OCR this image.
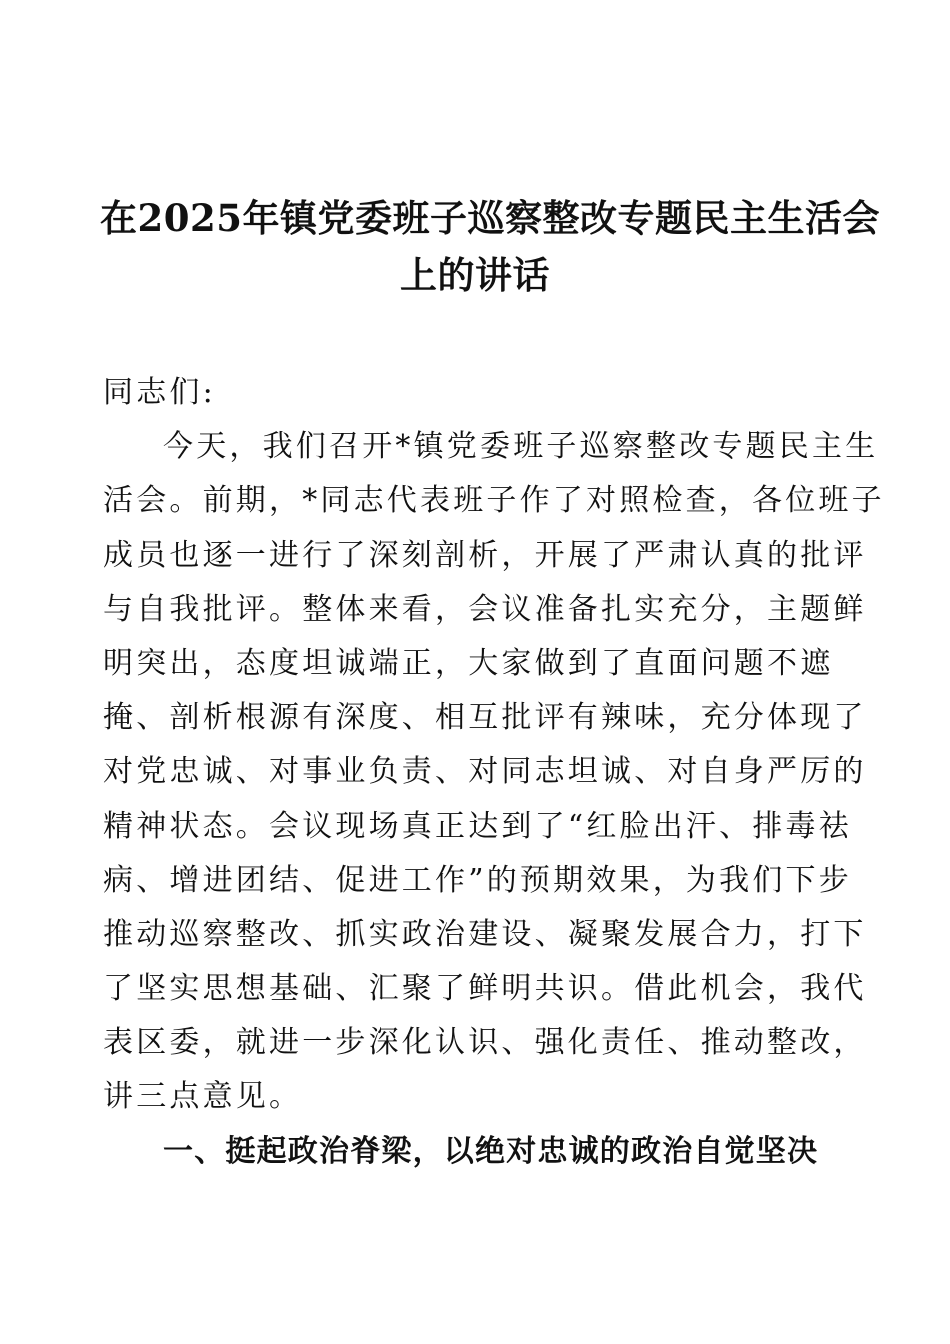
在2025年镇党委班子巡察整改专题民主生活会
上的讲话
同志们:
今天，我们召开*镇党委班子巡察整改专题民主生
活会。前期，*同志代表班子作了对照检查，各位班子
成员也逐一进行了深刻剖析，开展了严肃认真的批评
与自我批评。整体来看，会议准备扎实充分，主题鲜
明突出，态度坦诚端正，大家做到了直面问题不遮
掩、剖析根源有深度、相互批评有辣味，充分体现了
对党忠诚、对事业负责、对同志坦诚、对自身严厉的
精神状态。会议现场真正达到了“红脸出汗、排毒祛
病、增进团结、促进工作”的预期效果，为我们下步
推动巡察整改、抓实政治建设、凝聚发展合力，打下
了坚实思想基础、汇聚了鲜明共识。借此机会，我代
表区委，就进一步深化认识、强化责任、推动整改，
讲三点意见。
一、挺起政治脊梁，以绝对忠诚的政治自觉坚决
